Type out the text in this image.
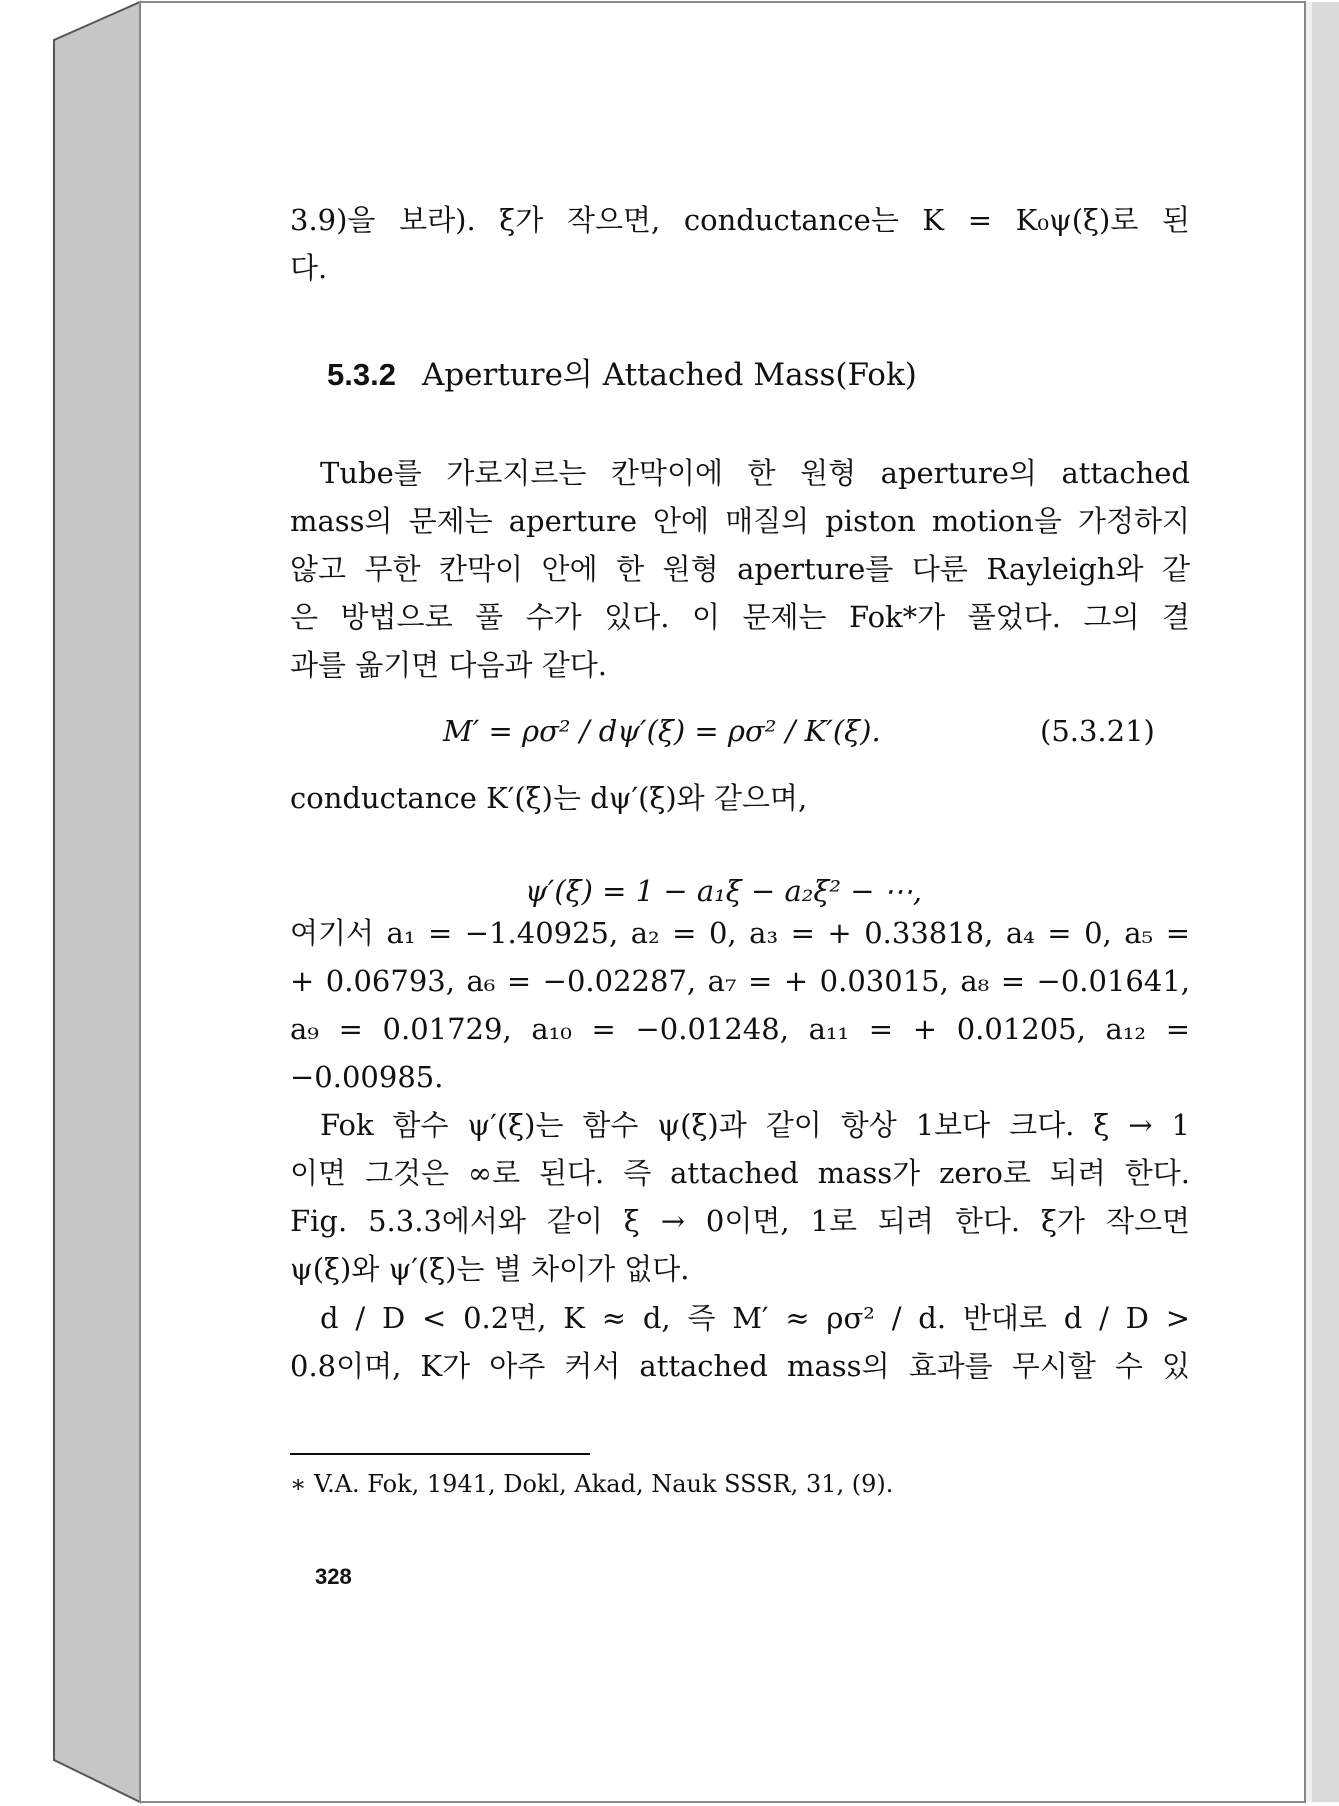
3.9)을 보라). ξ가 작으면, conductance는 K = K₀ψ(ξ)로 된
다.
5.3.2 Aperture의 Attached Mass(Fok)
Tube를 가로지르는 칸막이에 한 원형 aperture의 attached
mass의 문제는 aperture 안에 매질의 piston motion을 가정하지
않고 무한 칸막이 안에 한 원형 aperture를 다룬 Rayleigh와 같
은 방법으로 풀 수가 있다. 이 문제는 Fok*가 풀었다. 그의 결
과를 옮기면 다음과 같다.
M′ = ρσ² / dψ′(ξ) = ρσ² / K′(ξ).	(5.3.21)
conductance K′(ξ)는 dψ′(ξ)와 같으며,
ψ′(ξ) = 1 − a₁ξ − a₂ξ² − ⋯,
여기서 a₁ = −1.40925, a₂ = 0, a₃ = + 0.33818, a₄ = 0, a₅ =
+ 0.06793, a₆ = −0.02287, a₇ = + 0.03015, a₈ = −0.01641,
a₉ = 0.01729, a₁₀ = −0.01248, a₁₁ = + 0.01205, a₁₂ =
−0.00985.
Fok 함수 ψ′(ξ)는 함수 ψ(ξ)과 같이 항상 1보다 크다. ξ → 1
이면 그것은 ∞로 된다. 즉 attached mass가 zero로 되려 한다.
Fig. 5.3.3에서와 같이 ξ → 0이면, 1로 되려 한다. ξ가 작으면
ψ(ξ)와 ψ′(ξ)는 별 차이가 없다.
d / D < 0.2면, K ≈ d, 즉 M′ ≈ ρσ² / d. 반대로 d / D >
0.8이며, K가 아주 커서 attached mass의 효과를 무시할 수 있
∗ V.A. Fok, 1941, Dokl, Akad, Nauk SSSR, 31, (9).
328
